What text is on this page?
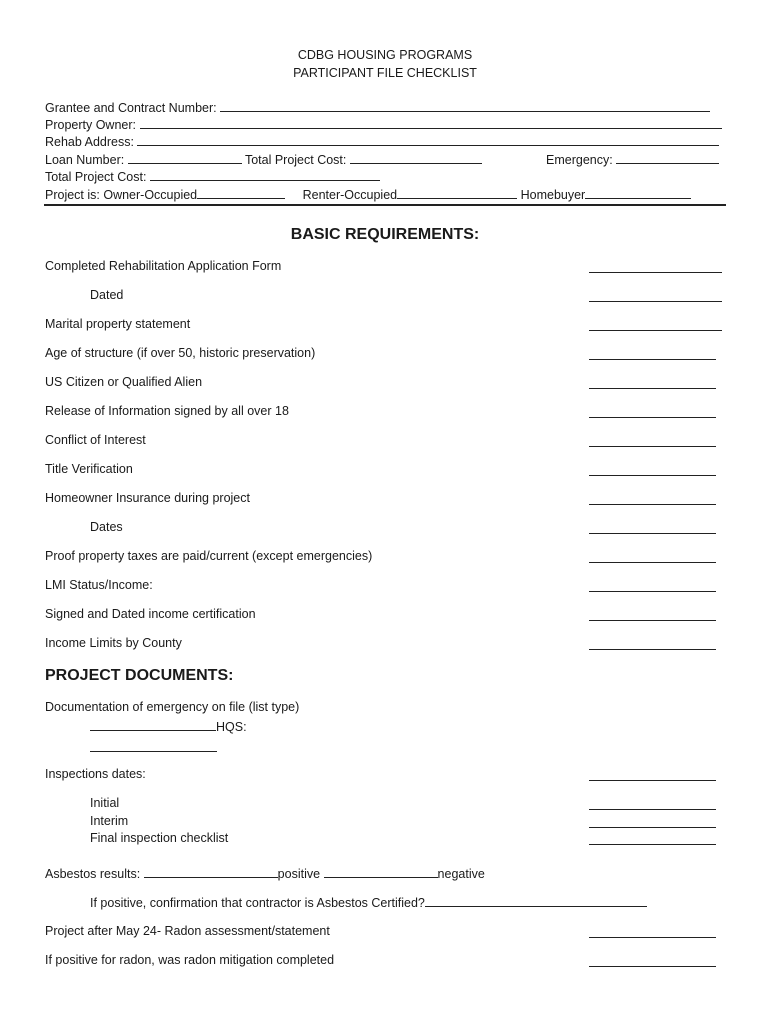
CDBG HOUSING PROGRAMS
PARTICIPANT FILE CHECKLIST
Grantee and Contract Number:
Property Owner:
Rehab Address:
Loan Number:	Total Project Cost:	Emergency:
Total Project Cost:
Project is: Owner-Occupied	Renter-Occupied	Homebuyer
BASIC REQUIREMENTS:
Completed Rehabilitation Application Form
Dated
Marital property statement
Age of structure (if over 50, historic preservation)
US Citizen or Qualified Alien
Release of Information signed by all over 18
Conflict of Interest
Title Verification
Homeowner Insurance during project
Dates
Proof property taxes are paid/current (except emergencies)
LMI Status/Income:
Signed and Dated income certification
Income Limits by County
PROJECT DOCUMENTS:
Documentation of emergency on file (list type)
HQS:
Inspections dates:
Initial
Interim
Final inspection checklist
Asbestos results:	positive	negative
If positive, confirmation that contractor is Asbestos Certified?
Project after May 24- Radon assessment/statement
If positive for radon, was radon mitigation completed
